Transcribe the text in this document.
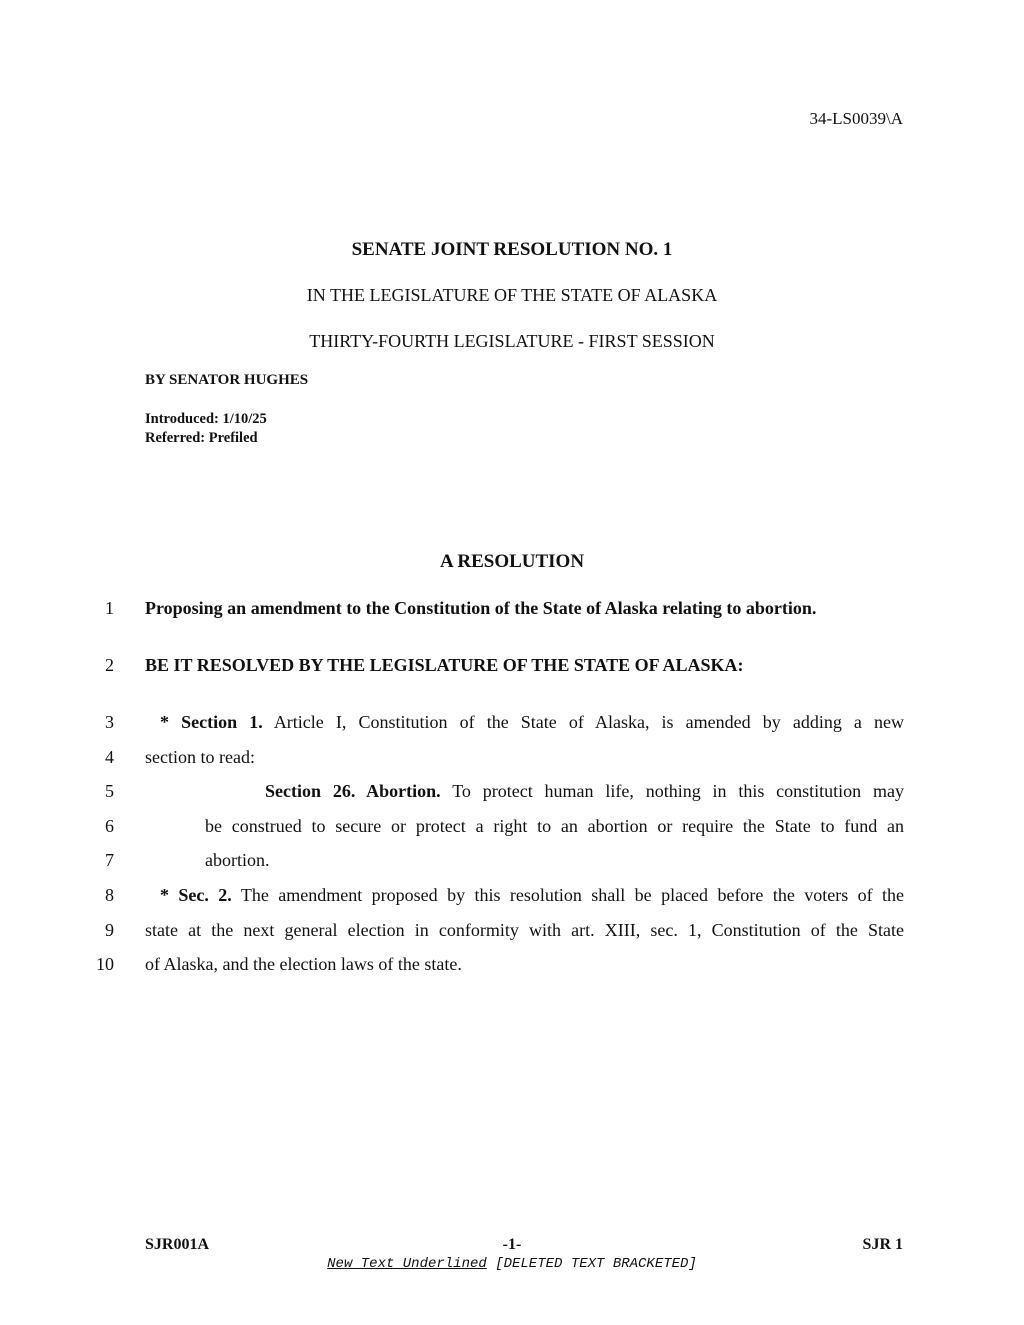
34-LS0039\A
SENATE JOINT RESOLUTION NO. 1
IN THE LEGISLATURE OF THE STATE OF ALASKA
THIRTY-FOURTH LEGISLATURE - FIRST SESSION
BY SENATOR HUGHES
Introduced: 1/10/25
Referred: Prefiled
A RESOLUTION
1
2
3
4
5
6
7
8
9
10
Proposing an amendment to the Constitution of the State of Alaska relating to abortion.
BE IT RESOLVED BY THE LEGISLATURE OF THE STATE OF ALASKA:
* Section 1. Article I, Constitution of the State of Alaska, is amended by adding a new
section to read:
Section 26. Abortion. To protect human life, nothing in this constitution may
be construed to secure or protect a right to an abortion or require the State to fund an
abortion.
* Sec. 2. The amendment proposed by this resolution shall be placed before the voters of the
state at the next general election in conformity with art. XIII, sec. 1, Constitution of the State
of Alaska, and the election laws of the state.
SJR001A	-1-	SJR 1
New Text Underlined [DELETED TEXT BRACKETED]
